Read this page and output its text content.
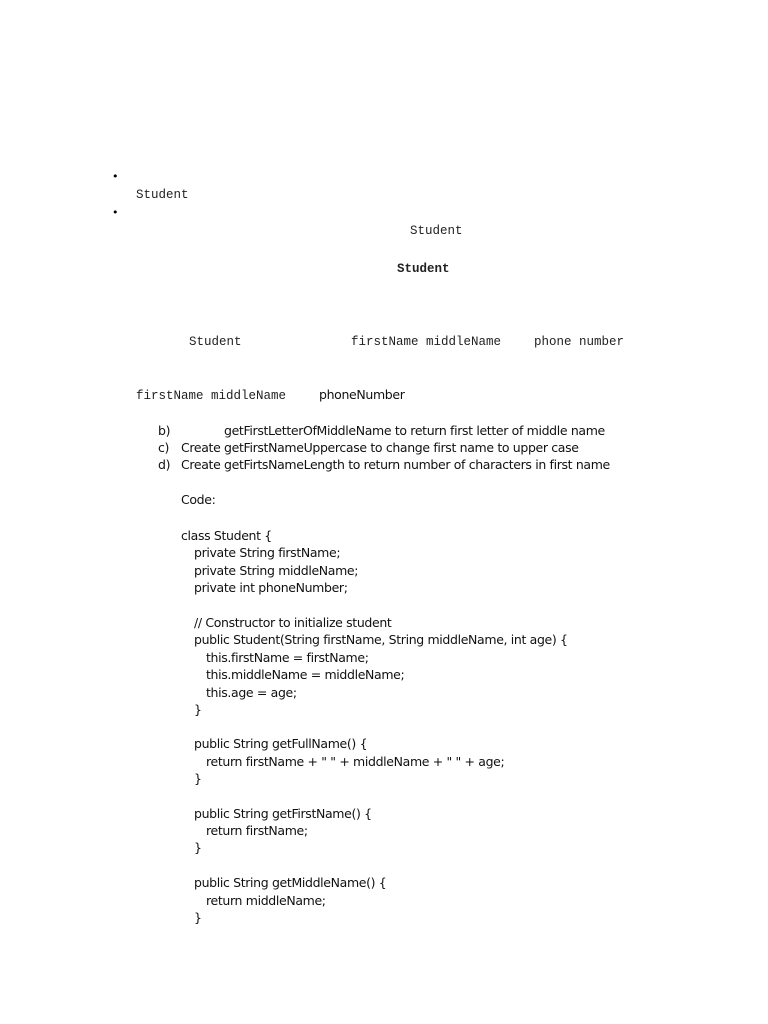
•
Student
•
Student
Student
Student	firstName middleName	phone number
firstName middleName	phoneNumber
b)	getFirstLetterOfMiddleName to return first letter of middle name
c) Create getFirstNameUppercase to change first name to upper case
d) Create getFirtsNameLength to return number of characters in first name
Code:
class Student {
private String firstName;
private String middleName;
private int phoneNumber;
// Constructor to initialize student
public Student(String firstName, String middleName, int age) {
this.firstName = firstName;
this.middleName = middleName;
this.age = age;
}
public String getFullName() {
return firstName + " " + middleName + " " + age;
}
public String getFirstName() {
return firstName;
}
public String getMiddleName() {
return middleName;
}
